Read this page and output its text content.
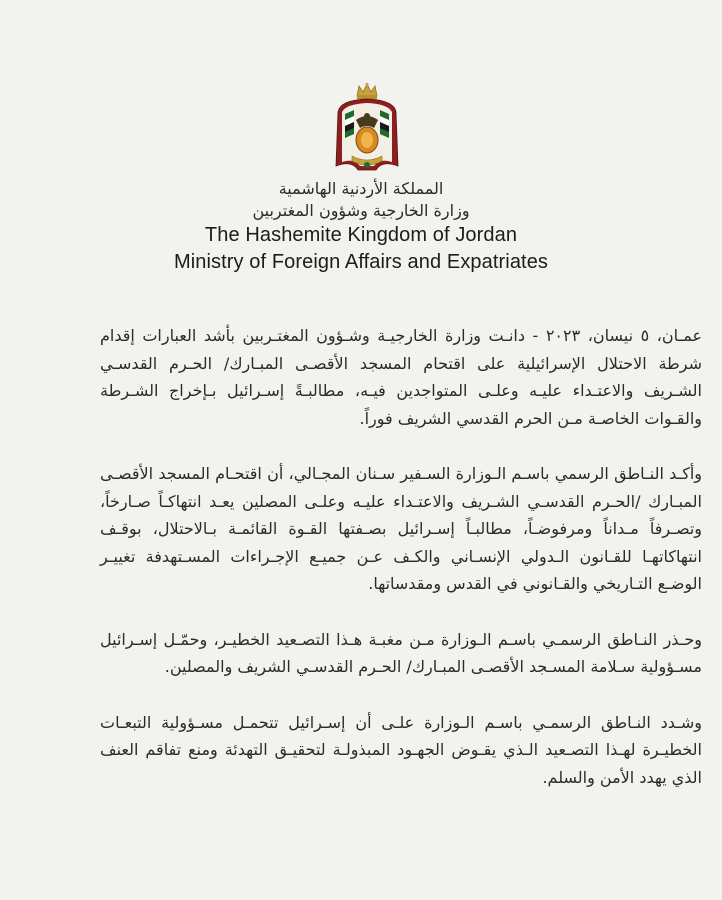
المملكة الأردنية الهاشمية
وزارة الخارجية وشؤون المغتربين
The Hashemite Kingdom of Jordan
Ministry of Foreign Affairs and Expatriates

عمـان، ٥ نيسان، ٢٠٢٣ - دانـت وزارة الخارجيـة وشـؤون المغتـربين بأشد العبارات إقدام شرطة الاحتلال الإسرائيلية على اقتحام المسجد الأقصـى المبـارك/ الحـرم القدسـي الشـريف والاعتـداء عليـه وعلـى المتواجدين فيـه، مطالبـةً إسـرائيل بـإخراج الشـرطة والقـوات الخاصـة مـن الحرم القدسي الشريف فوراً.

وأكـد النـاطق الرسمي باسـم الـوزارة السـفير سـنان المجـالي، أن اقتحـام المسجد الأقصـى المبـارك /الحـرم القدسـي الشـريف والاعتـداء عليـه وعلـى المصلين يعـد انتهاكـاً صـارخاً، وتصـرفاً مـداناً ومرفوضـاً، مطالبـاً إسـرائيل بصـفتها القـوة القائمـة بـالاحتلال، بوقـف انتهاكاتهـا للقـانون الـدولي الإنسـاني والكـف عـن جميـع الإجـراءات المسـتهدفة تغييـر الوضـع التـاريخي والقـانوني في القدس ومقدساتها.

وحـذر النـاطق الرسمـي باسـم الـوزارة مـن مغبـة هـذا التصـعيد الخطيـر، وحمّـل إسـرائيل مسـؤولية سـلامة المسـجد الأقصـى المبـارك/ الحـرم القدسـي الشريف والمصلين.

وشـدد النـاطق الرسمـي باسـم الـوزارة علـى أن إسـرائيل تتحمـل مسـؤولية التبعـات الخطيـرة لهـذا التصـعيد الـذي يقـوض الجهـود المبذولـة لتحقيـق التهدئة ومنع تفاقم العنف الذي يهدد الأمن والسلم.
